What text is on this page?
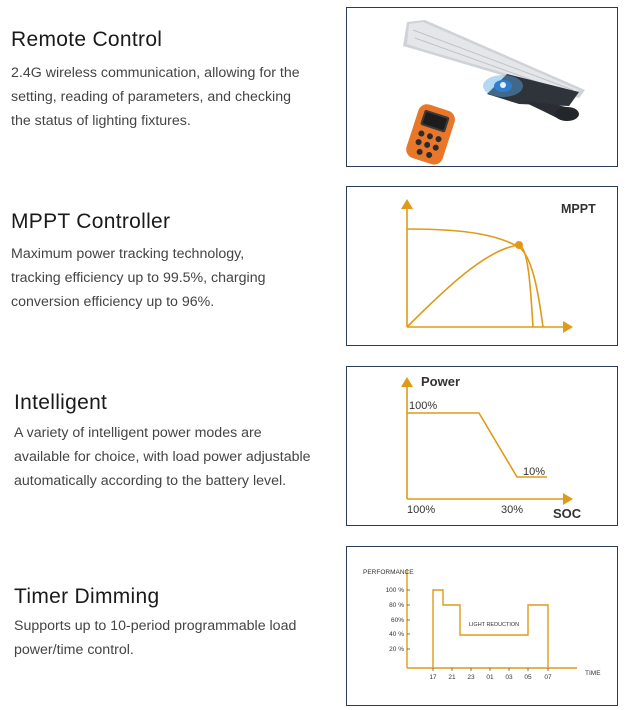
Remote Control
2.4G wireless communication, allowing for the
setting, reading of parameters, and checking
the status of lighting fixtures.
MPPT Controller
Maximum power tracking technology,
tracking efficiency up to 99.5%, charging
conversion efficiency up to 96%.
MPPT
Intelligent
A variety of intelligent power modes are
available for choice, with load power adjustable
automatically according to the battery level.
Power
100%
10%
100%	30% SOC
Timer Dimming
Supports up to 10-period programmable load
power/time control.
PERFORMANCE
100 %
80 %
60%
40 %
20 %
17 21 23 01 03 05 07
TIME
LIGHT REDUCTION
